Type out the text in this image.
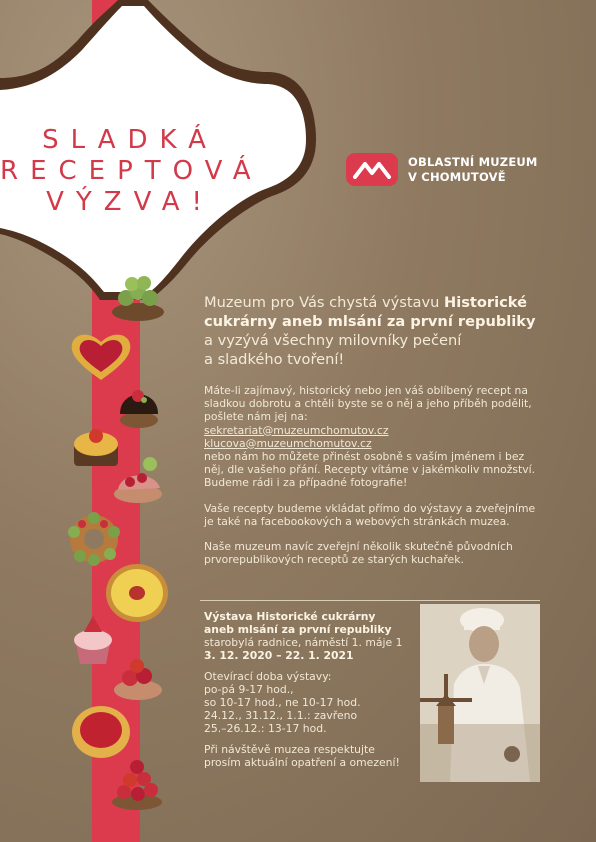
SLADKÁ
RECEPTOVÁ
VÝZVA!
OBLASTNÍ MUZEUM
V CHOMUTOVĚ
Muzeum pro Vás chystá výstavu Historické
cukrárny aneb mlsání za první republiky
a vyzývá všechny milovníky pečení
a sladkého tvoření!

Máte-li zajímavý, historický nebo jen váš oblíbený recept na sladkou dobrotu a chtěli byste se o něj a jeho příběh podělit, pošlete nám jej na:
sekretariat@muzeumchomutov.cz
klucova@muzeumchomutov.cz
nebo nám ho můžete přinést osobně s vaším jménem i bez něj, dle vašeho přání. Recepty vítáme v jakémkoliv množství. Budeme rádi i za případné fotografie!

Vaše recepty budeme vkládat přímo do výstavy a zveřejníme je také na facebookových a webových stránkách muzea.

Naše muzeum navíc zveřejní několik skutečně původních prvorepublikových receptů ze starých kuchařek.

Výstava Historické cukrárny
aneb mlsání za první republiky
starobylá radnice, náměstí 1. máje 1
3. 12. 2020 – 22. 1. 2021

Otevírací doba výstavy:
po-pá 9-17 hod.,
so 10-17 hod., ne 10-17 hod.
24.12., 31.12., 1.1.: zavřeno
25.–26.12.: 13-17 hod.

Při návštěvě muzea respektujte
prosím aktuální opatření a omezení!
